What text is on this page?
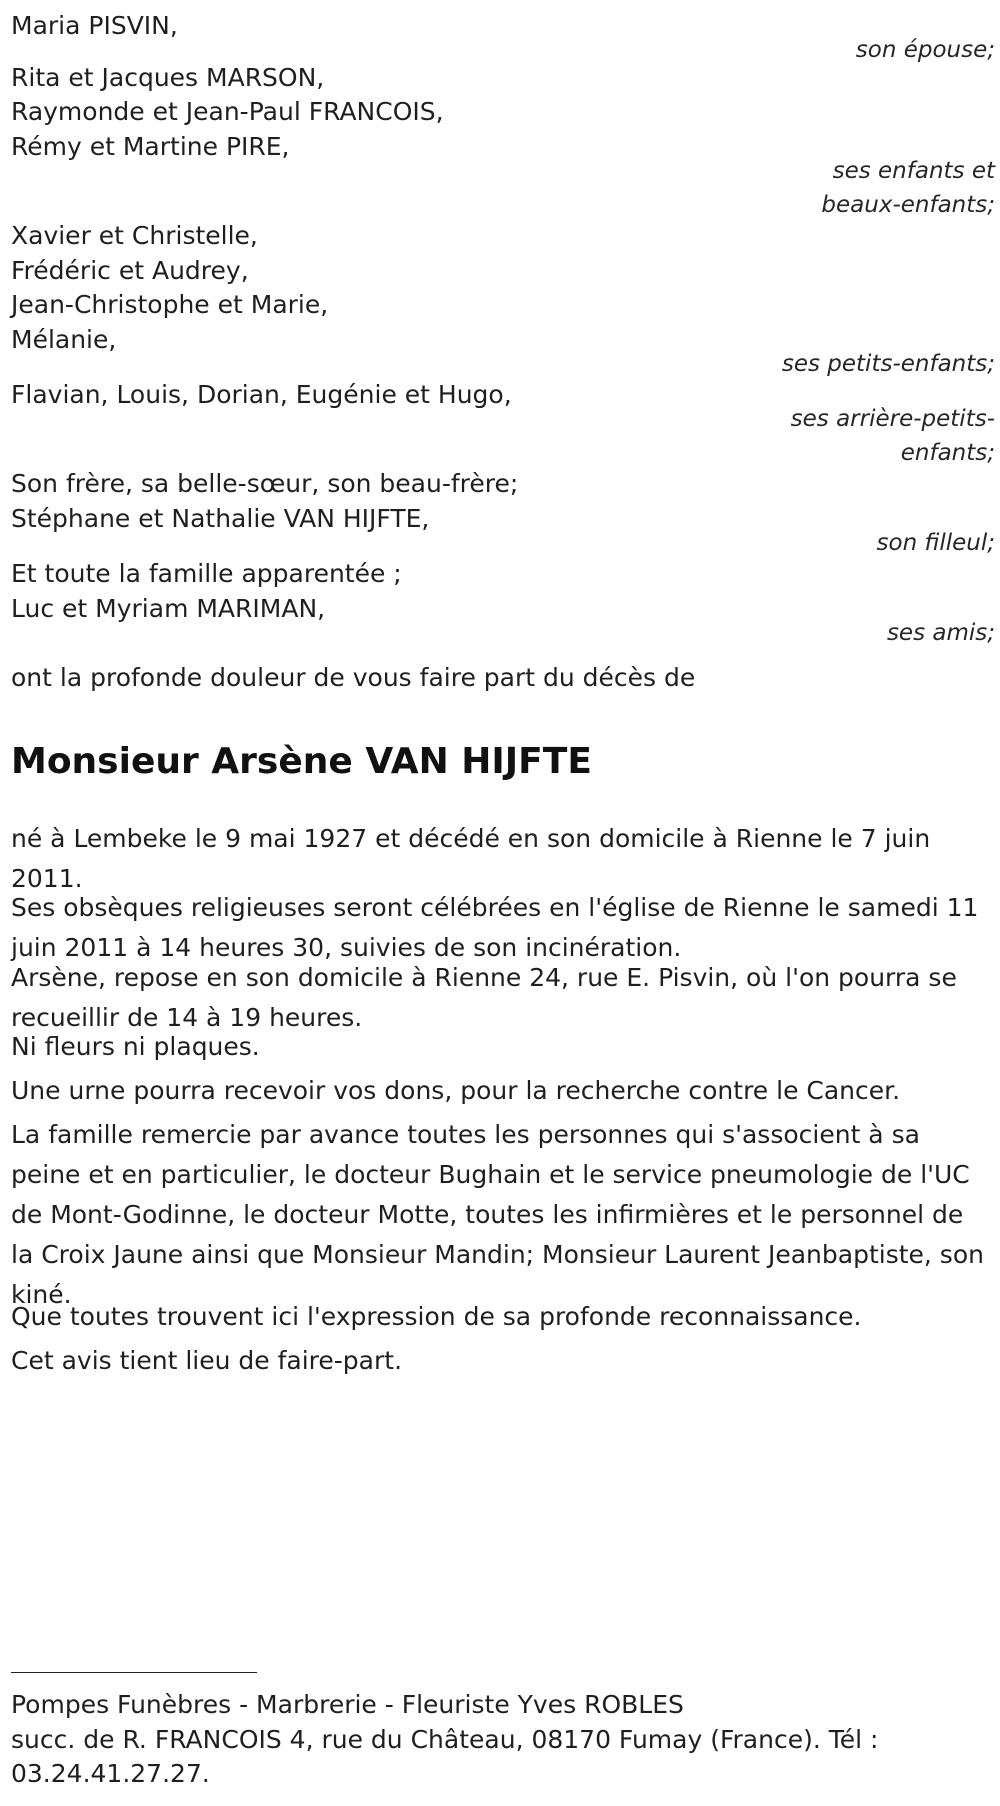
Maria PISVIN,
son épouse;
Rita et Jacques MARSON,
Raymonde et Jean-Paul FRANCOIS,
Rémy et Martine PIRE,
ses enfants et
beaux-enfants;
Xavier et Christelle,
Frédéric et Audrey,
Jean-Christophe et Marie,
Mélanie,
ses petits-enfants;
Flavian, Louis, Dorian, Eugénie et Hugo,
ses arrière-petits-
enfants;
Son frère, sa belle-sœur, son beau-frère;
Stéphane et Nathalie VAN HIJFTE,
son filleul;
Et toute la famille apparentée ;
Luc et Myriam MARIMAN,
ses amis;
ont la profonde douleur de vous faire part du décès de
Monsieur Arsène VAN HIJFTE
né à Lembeke le 9 mai 1927 et décédé en son domicile à Rienne le 7 juin 2011.
Ses obsèques religieuses seront célébrées en l'église de Rienne le samedi 11 juin 2011 à 14 heures 30, suivies de son incinération.
Arsène, repose en son domicile à Rienne 24, rue E. Pisvin, où l'on pourra se recueillir de 14 à 19 heures.
Ni fleurs ni plaques.
Une urne pourra recevoir vos dons, pour la recherche contre le Cancer.
La famille remercie par avance toutes les personnes qui s'associent à sa peine et en particulier, le docteur Bughain et le service pneumologie de l'UC de Mont-Godinne, le docteur Motte, toutes les infirmières et le personnel de la Croix Jaune ainsi que Monsieur Mandin; Monsieur Laurent Jeanbaptiste, son kiné.
Que toutes trouvent ici l'expression de sa profonde reconnaissance.
Cet avis tient lieu de faire-part.
Pompes Funèbres - Marbrerie - Fleuriste Yves ROBLES
succ. de R. FRANCOIS 4, rue du Château, 08170 Fumay (France). Tél :
03.24.41.27.27.
